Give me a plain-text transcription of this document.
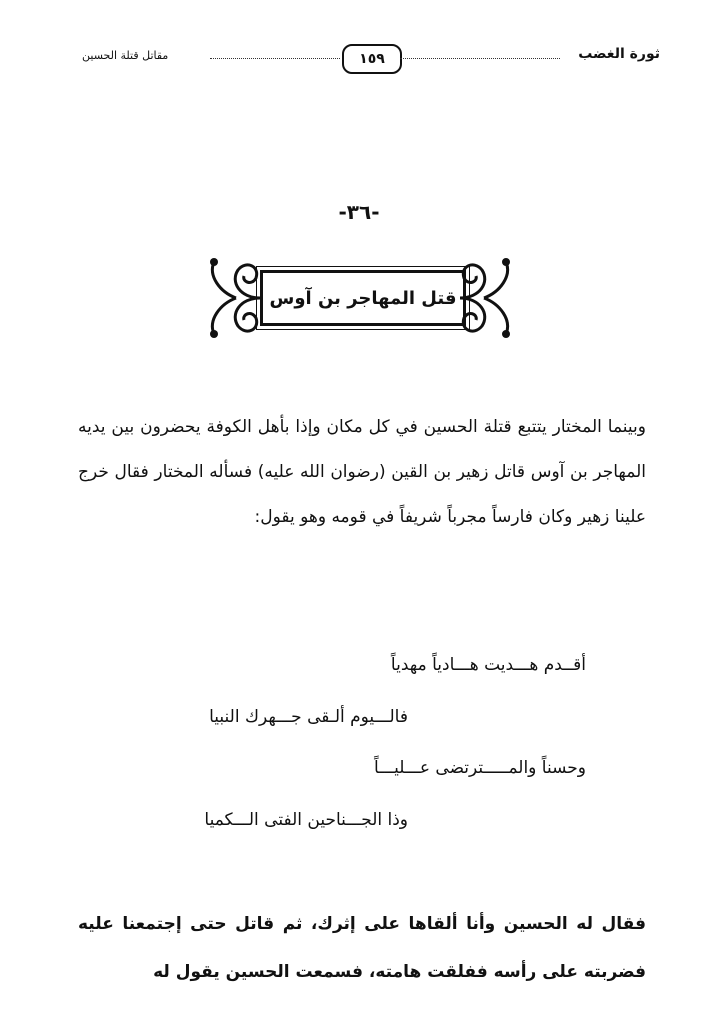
مقاتل قتلة الحسين	١٥٩	ثورة الغضب
-٣٦-
قتل المهاجر بن آوس
وبينما المختار يتتبع قتلة الحسين في كل مكان وإذا بأهل الكوفة يحضرون بين يديه المهاجر بن آوس قاتل زهير بن القين (رضوان الله عليه) فسأله المختار فقال خرج علينا زهير وكان فارساً مجرباً شريفاً في قومه وهو يقول:
أقــدم هـــديت هـــادياً مهدياً
فالـــيوم ألـقى جـــهرك النبيا
وحسناً والمـــــترتضى عـــليـــاً
وذا الجـــناحين الفتى الـــكميا
فقال له الحسين وأنا ألقاها على إثرك، ثم قاتل حتى إجتمعنا عليه فضربته على رأسه ففلقت هامته، فسمعت الحسين يقول له
